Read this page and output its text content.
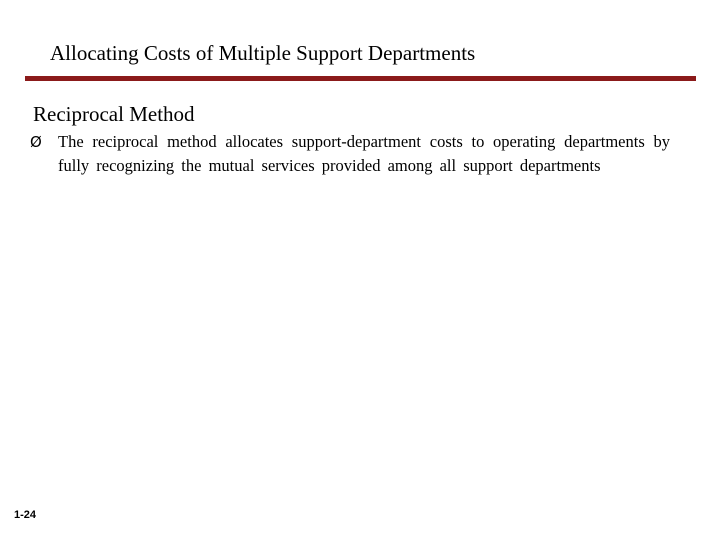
Allocating Costs of Multiple Support Departments
Reciprocal Method
Ø The reciprocal method allocates support-department costs to operating departments by fully recognizing the mutual services provided among all support departments
1-24
